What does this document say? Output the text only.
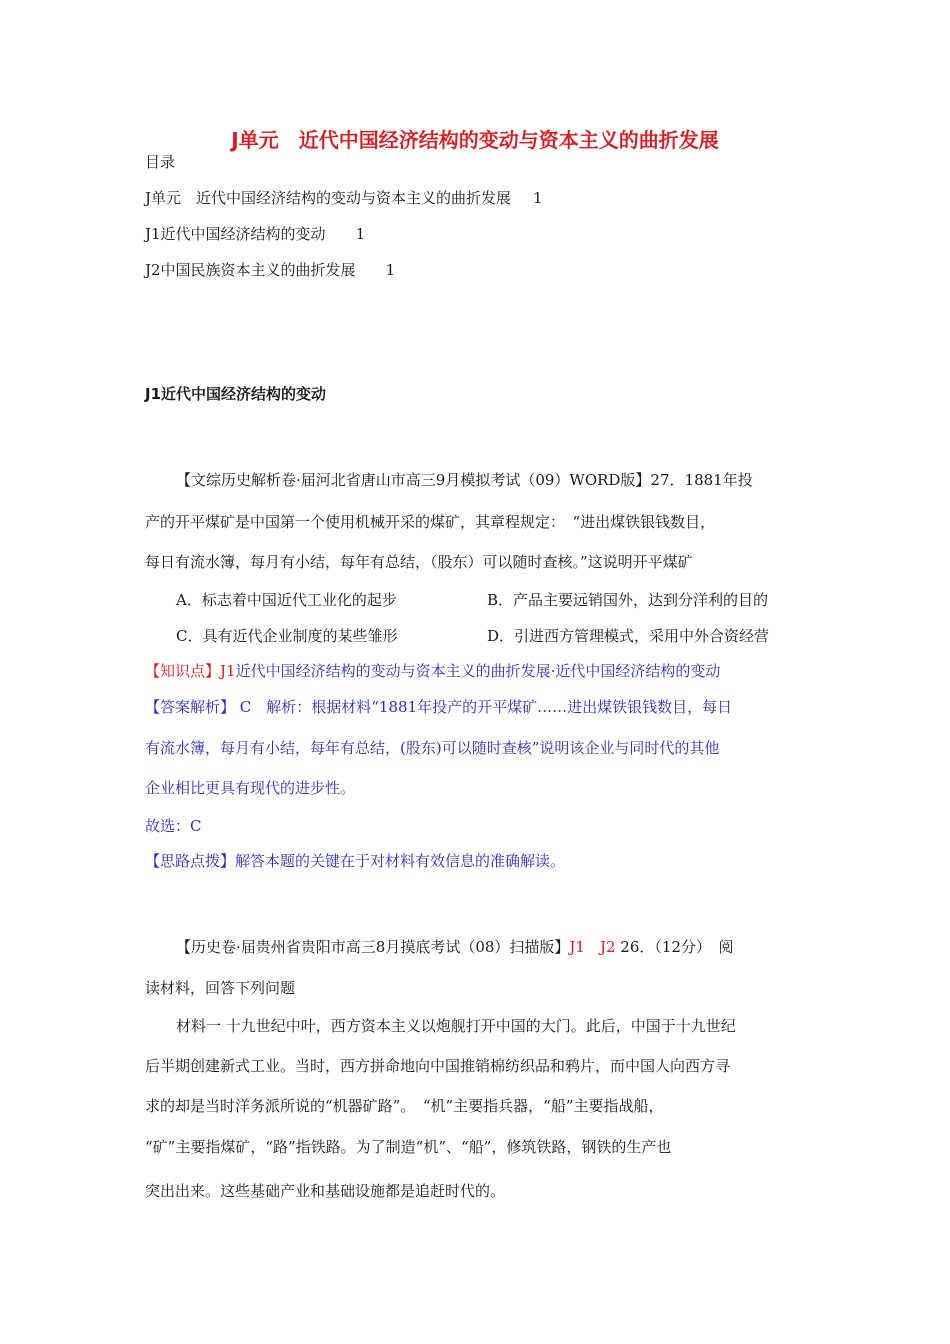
J单元　近代中国经济结构的变动与资本主义的曲折发展
目录
J单元　近代中国经济结构的变动与资本主义的曲折发展 1
J1近代中国经济结构的变动 1
J2中国民族资本主义的曲折发展 1
J1近代中国经济结构的变动
【文综历史解析卷·届河北省唐山市高三9月模拟考试（09）WORD版】27．1881年投
产的开平煤矿是中国第一个使用机械开采的煤矿，其章程规定：　“进出煤铁银钱数目，
每日有流水簿，每月有小结，每年有总结，（股东）可以随时查核。”这说明开平煤矿
A．标志着中国近代工业化的起步	B．产品主要远销国外，达到分洋利的目的
C．具有近代企业制度的某些雏形	D．引进西方管理模式，采用中外合资经营
【知识点】J1近代中国经济结构的变动与资本主义的曲折发展·近代中国经济结构的变动
【答案解析】 C　解析：根据材料“1881年投产的开平煤矿……进出煤铁银钱数目，每日
有流水簿，每月有小结，每年有总结，(股东)可以随时查核”说明该企业与同时代的其他
企业相比更具有现代的进步性。
故选：C
【思路点拨】解答本题的关键在于对材料有效信息的准确解读。
【历史卷·届贵州省贵阳市高三8月摸底考试（08）扫描版】J1　J2 26．（12分）　阅
读材料，回答下列问题
材料一 十九世纪中叶，西方资本主义以炮舰打开中国的大门。此后，中国于十九世纪
后半期创建新式工业。当时，西方拼命地向中国推销棉纺织品和鸦片，而中国人向西方寻
求的却是当时洋务派所说的“机器矿路”。　“机”主要指兵器，“船”主要指战船，
“矿”主要指煤矿，“路”指铁路。为了制造“机”、“船”，修筑铁路，钢铁的生产也
突出出来。这些基础产业和基础设施都是追赶时代的。
